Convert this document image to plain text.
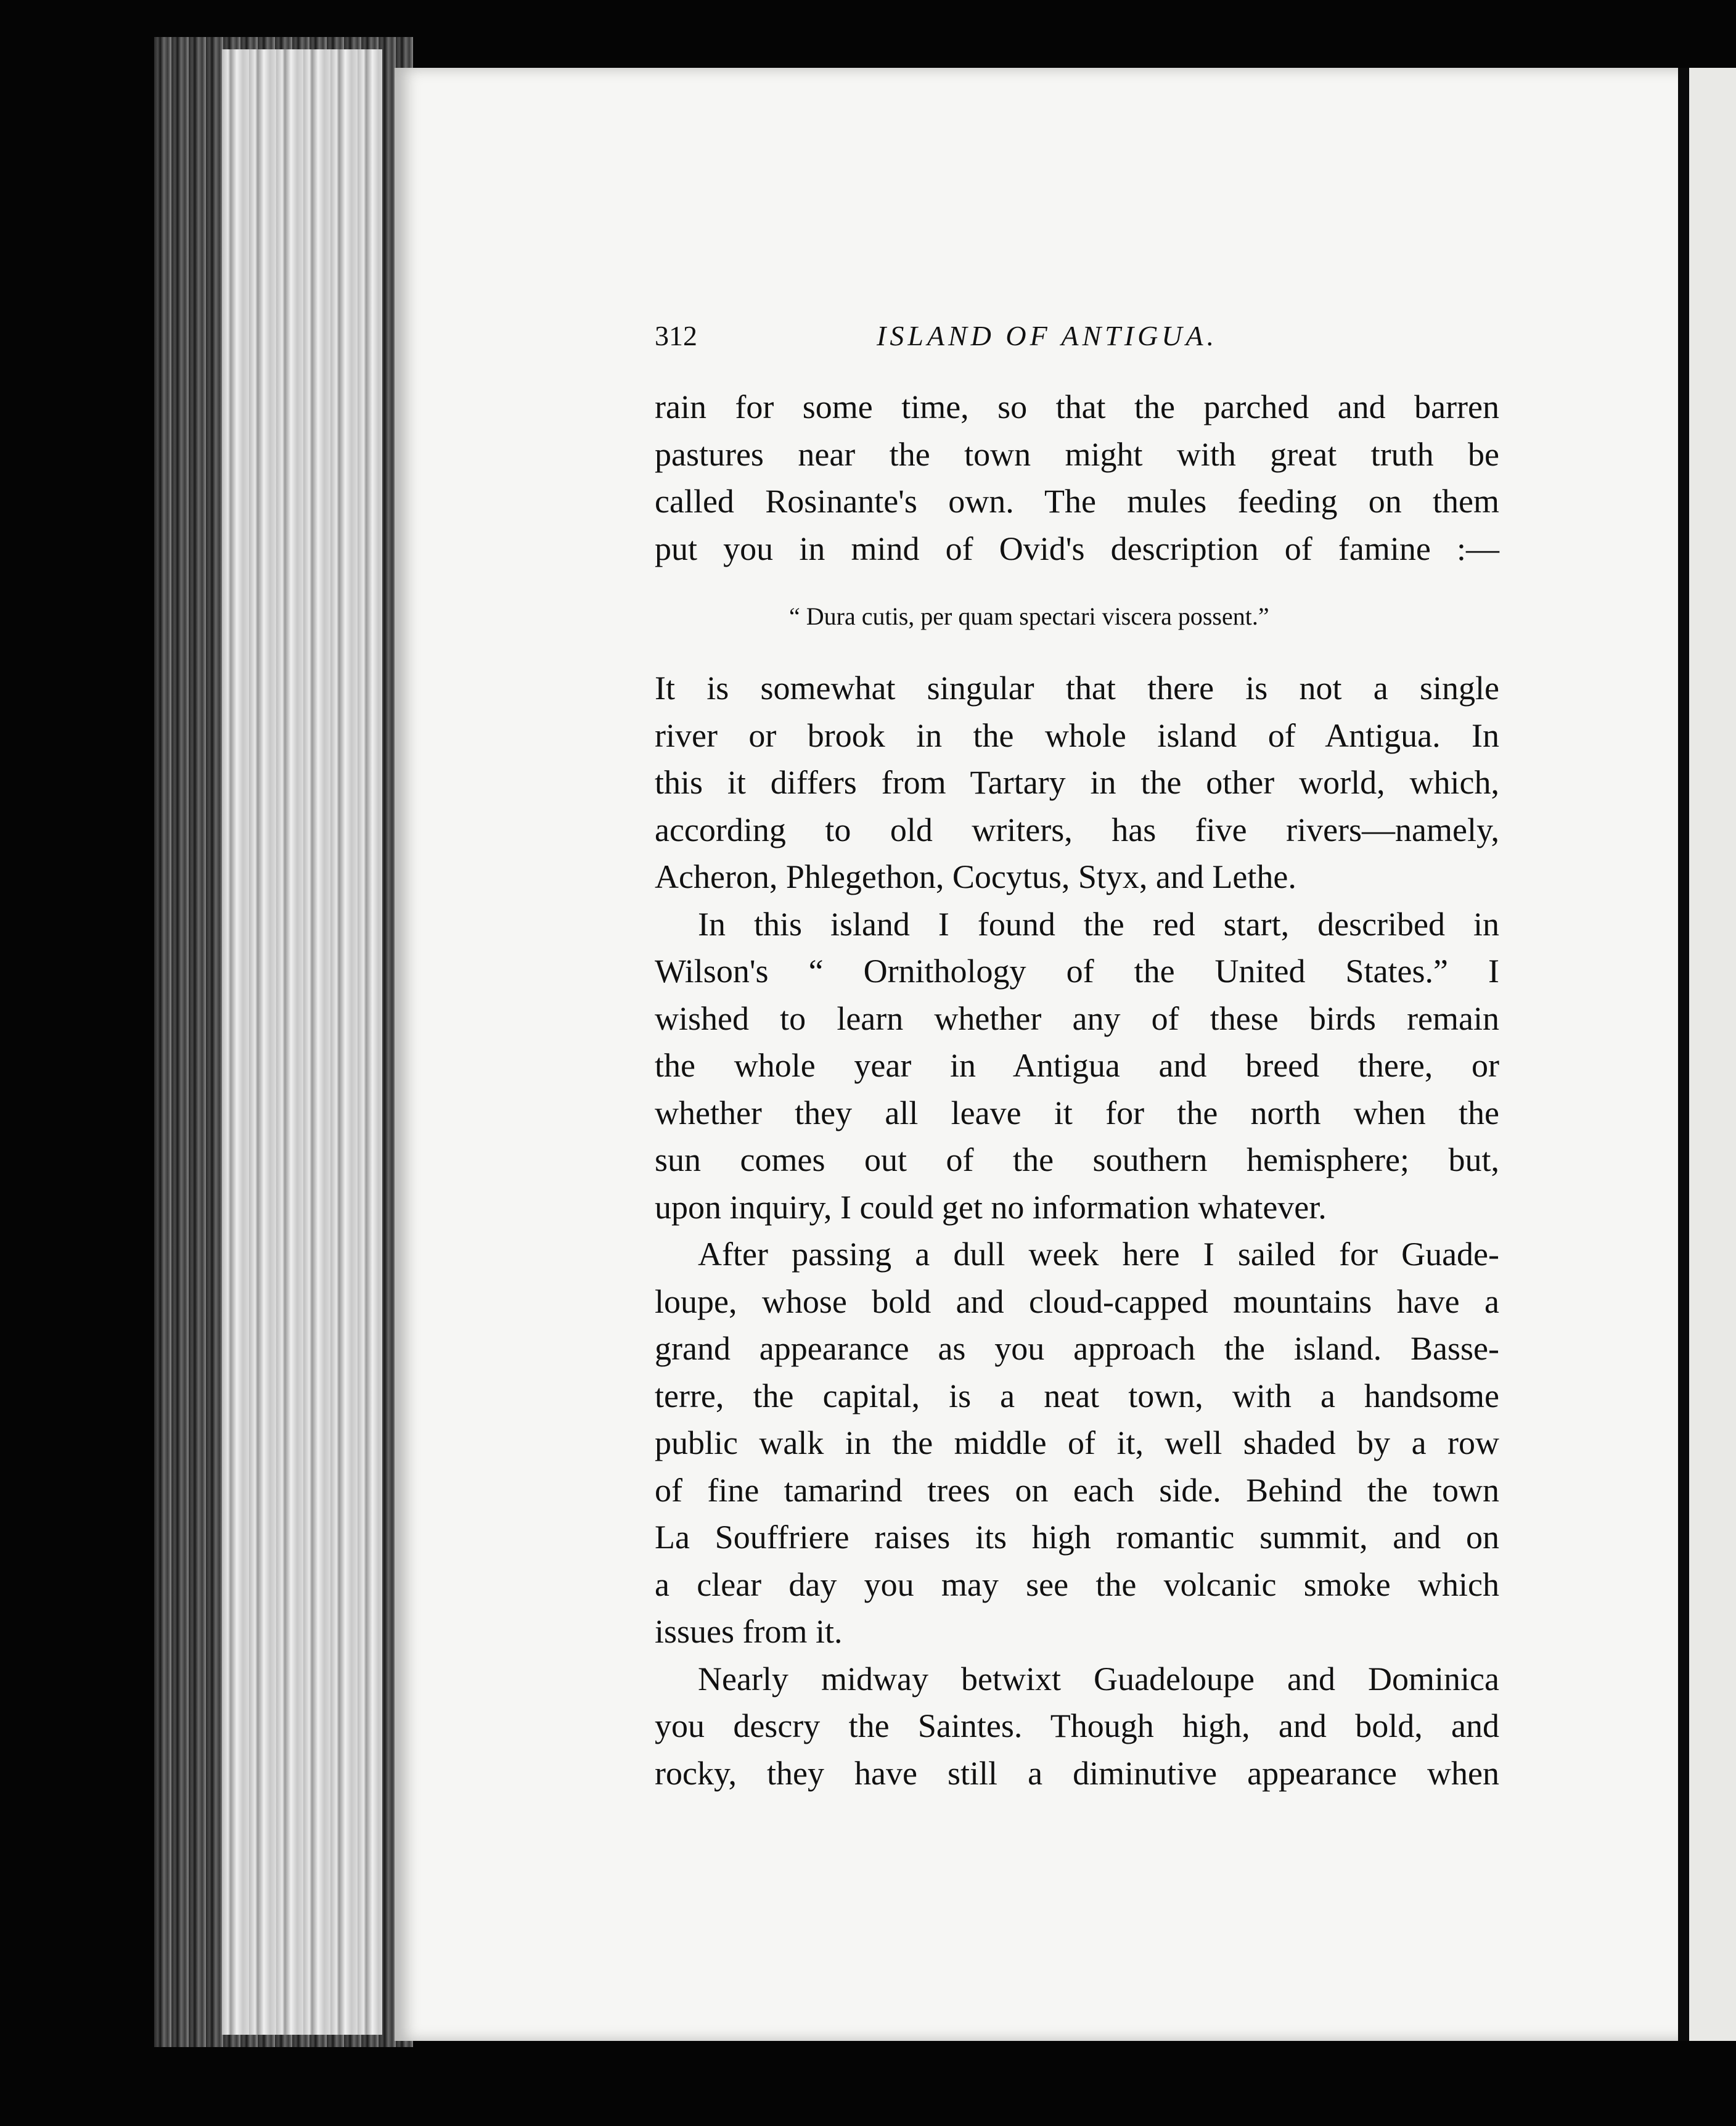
312	ISLAND OF ANTIGUA.
rain for some time, so that the parched and barren
pastures near the town might with great truth be
called Rosinante's own. The mules feeding on them
put you in mind of Ovid's description of famine :—
“ Dura cutis, per quam spectari viscera possent.”
It is somewhat singular that there is not a single
river or brook in the whole island of Antigua. In
this it differs from Tartary in the other world, which,
according to old writers, has five rivers—namely,
Acheron, Phlegethon, Cocytus, Styx, and Lethe.
In this island I found the red start, described in
Wilson's “ Ornithology of the United States.” I
wished to learn whether any of these birds remain
the whole year in Antigua and breed there, or
whether they all leave it for the north when the
sun comes out of the southern hemisphere; but,
upon inquiry, I could get no information whatever.
After passing a dull week here I sailed for Guade-
loupe, whose bold and cloud-capped mountains have a
grand appearance as you approach the island. Basse-
terre, the capital, is a neat town, with a handsome
public walk in the middle of it, well shaded by a row
of fine tamarind trees on each side. Behind the town
La Souffriere raises its high romantic summit, and on
a clear day you may see the volcanic smoke which
issues from it.
Nearly midway betwixt Guadeloupe and Dominica
you descry the Saintes. Though high, and bold, and
rocky, they have still a diminutive appearance when
